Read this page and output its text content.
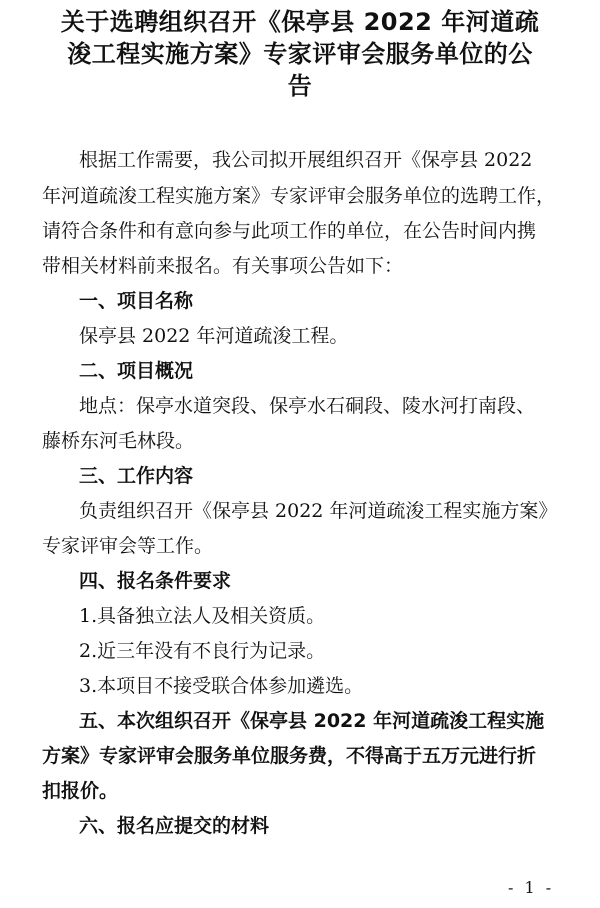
关于选聘组织召开《保亭县 2022 年河道疏
浚工程实施方案》专家评审会服务单位的公
告
根据工作需要，我公司拟开展组织召开《保亭县 2022
年河道疏浚工程实施方案》专家评审会服务单位的选聘工作，
请符合条件和有意向参与此项工作的单位，在公告时间内携
带相关材料前来报名。有关事项公告如下：
一、项目名称
保亭县 2022 年河道疏浚工程。
二、项目概况
地点：保亭水道突段、保亭水石硐段、陵水河打南段、
藤桥东河毛林段。
三、工作内容
负责组织召开《保亭县 2022 年河道疏浚工程实施方案》
专家评审会等工作。
四、报名条件要求
1.具备独立法人及相关资质。
2.近三年没有不良行为记录。
3.本项目不接受联合体参加遴选。
五、本次组织召开《保亭县 2022 年河道疏浚工程实施
方案》专家评审会服务单位服务费，不得高于五万元进行折
扣报价。
六、报名应提交的材料
- 1 -
